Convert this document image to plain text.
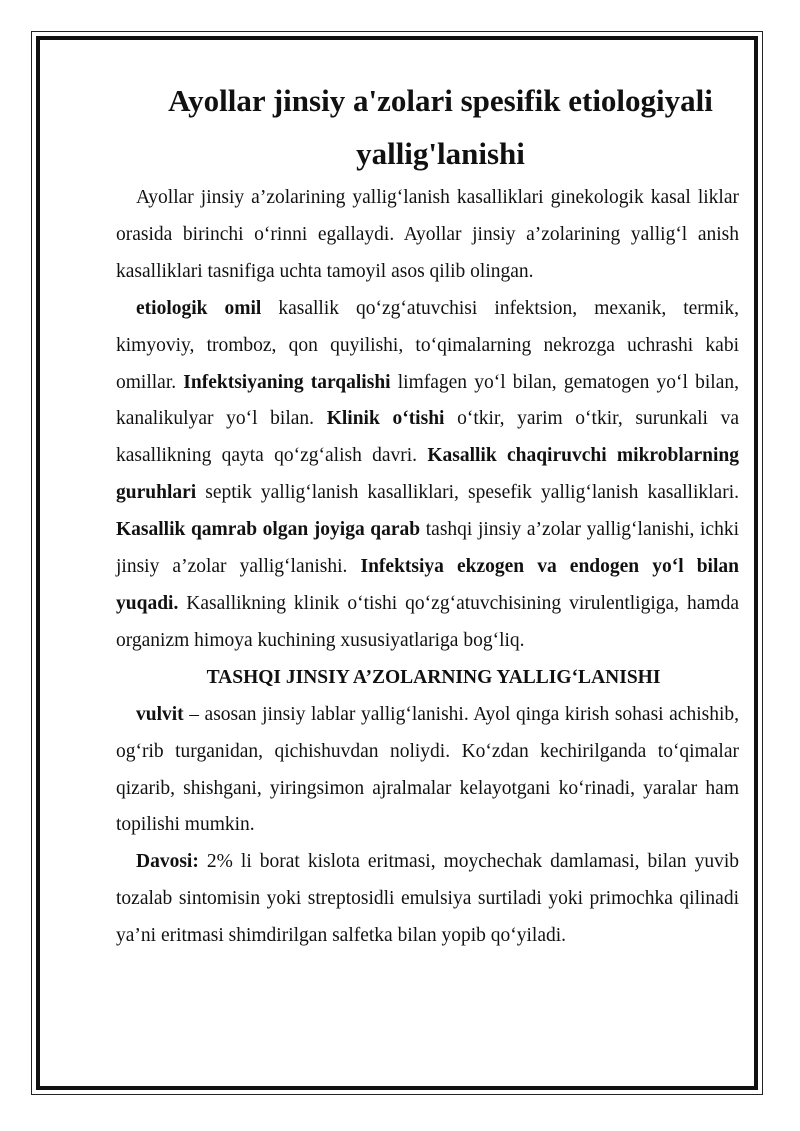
Ayollar jinsiy a'zolari spesifik etiologiyali yallig'lanishi

Ayollar jinsiy a’zolarining yallig‘lanish kasalliklari ginekologik kasal liklar orasida birinchi o‘rinni egallaydi. Ayollar jinsiy a’zolarining yallig‘l anish kasalliklari tasnifiga uchta tamoyil asos qilib olingan.

etiologik omil kasallik qo‘zg‘atuvchisi infektsion, mexanik, termik, kimyoviy, tromboz, qon quyilishi, to‘qimalarning nekrozga uchrashi kabi omillar. Infektsiyaning tarqalishi limfagen yo‘l bilan, gematogen yo‘l bilan, kanalikulyar yo‘l bilan. Klinik o‘tishi o‘tkir, yarim o‘tkir, surunkali va kasallikning qayta qo‘zg‘alish davri. Kasallik chaqiruvchi mikroblarning guruhlari septik yallig‘lanish kasalliklari, spesefik yallig‘lanish kasalliklari. Kasallik qamrab olgan joyiga qarab tashqi jinsiy a’zolar yallig‘lanishi, ichki jinsiy a’zolar yallig‘lanishi. Infektsiya ekzogen va endogen yo‘l bilan yuqadi. Kasallikning klinik o‘tishi qo‘zg‘atuvchisining virulentligiga, hamda organizm himoya kuchining xususiyatlariga bog‘liq.

TASHQI JINSIY A’ZOLARNING YALLIG‘LANISHI

vulvit – asosan jinsiy lablar yallig‘lanishi. Ayol qinga kirish sohasi achishib, og‘rib turganidan, qichishuvdan noliydi. Ko‘zdan kechirilganda to‘qimalar qizarib, shishgani, yiringsimon ajralmalar kelayotgani ko‘rinadi, yaralar ham topilishi mumkin.

Davosi: 2% li borat kislota eritmasi, moychechak damlamasi, bilan yuvib tozalab sintomisin yoki streptosidli emulsiya surtiladi yoki primochka qilinadi ya’ni eritmasi shimdirilgan salfetka bilan yopib qo‘yiladi.
